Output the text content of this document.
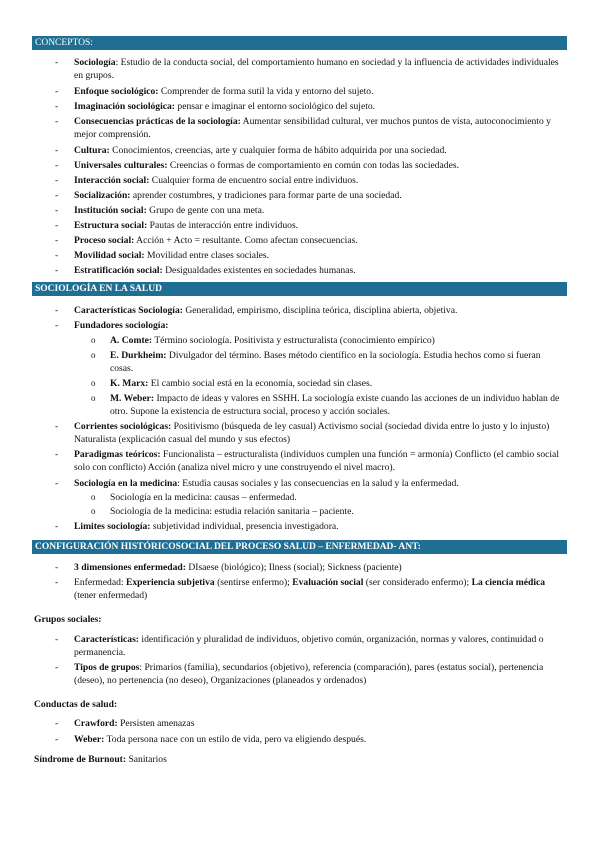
CONCEPTOS:
- Sociología: Estudio de la conducta social, del comportamiento humano en sociedad y la influencia de actividades individuales en grupos.
- Enfoque sociológico: Comprender de forma sutil la vida y entorno del sujeto.
- Imaginación sociológica: pensar e imaginar el entorno sociológico del sujeto.
- Consecuencias prácticas de la sociología: Aumentar sensibilidad cultural, ver muchos puntos de vista, autoconocimiento y mejor comprensión.
- Cultura: Conocimientos, creencias, arte y cualquier forma de hábito adquirida por una sociedad.
- Universales culturales: Creencias o formas de comportamiento en común con todas las sociedades.
- Interacción social: Cualquier forma de encuentro social entre individuos.
- Socialización: aprender costumbres, y tradiciones para formar parte de una sociedad.
- Institución social: Grupo de gente con una meta.
- Estructura social: Pautas de interacción entre individuos.
- Proceso social: Acción + Acto = resultante. Como afectan consecuencias.
- Movilidad social: Movilidad entre clases sociales.
- Estratificación social: Desigualdades existentes en sociedades humanas.
SOCIOLOGÍA EN LA SALUD
- Características Sociología: Generalidad, empirismo, disciplina teórica, disciplina abierta, objetiva.
- Fundadores sociología:
o A. Comte: Término sociología. Positivista y estructuralista (conocimiento empírico)
o E. Durkheim: Divulgador del término. Bases método científico en la sociología. Estudia hechos como si fueran cosas.
o K. Marx: El cambio social está en la economía, sociedad sin clases.
o M. Weber: Impacto de ideas y valores en SSHH. La sociología existe cuando las acciones de un individuo hablan de otro. Supone la existencia de estructura social, proceso y acción sociales.
- Corrientes sociológicas: Positivismo (búsqueda de ley casual) Activismo social (sociedad divida entre lo justo y lo injusto) Naturalista (explicación casual del mundo y sus efectos)
- Paradigmas teóricos: Funcionalista – estructuralista (individuos cumplen una función = armonía) Conflicto (el cambio social solo con conflicto) Acción (analiza nivel micro y une construyendo el nivel macro).
- Sociología en la medicina: Estudia causas sociales y las consecuencias en la salud y la enfermedad.
o Sociología en la medicina: causas – enfermedad.
o Sociología de la medicina: estudia relación sanitaria – paciente.
- Limites sociología: subjetividad individual, presencia investigadora.
CONFIGURACIÓN HISTÓRICOSOCIAL DEL PROCESO SALUD – ENFERMEDAD- ANT:
- 3 dimensiones enfermedad: DIsaese (biológico); Ilness (social); Sickness (paciente)
- Enfermedad: Experiencia subjetiva (sentirse enfermo); Evaluación social (ser considerado enfermo); La ciencia médica (tener enfermedad)
Grupos sociales:
- Características: identificación y pluralidad de individuos, objetivo común, organización, normas y valores, continuidad o permanencia.
- Tipos de grupos: Primarios (familia), secundarios (objetivo), referencia (comparación), pares (estatus social), pertenencia (deseo), no pertenencia (no deseo), Organizaciones (planeados y ordenados)
Conductas de salud:
- Crawford: Persisten amenazas
- Weber: Toda persona nace con un estilo de vida, pero va eligiendo después.
Síndrome de Burnout: Sanitarios
